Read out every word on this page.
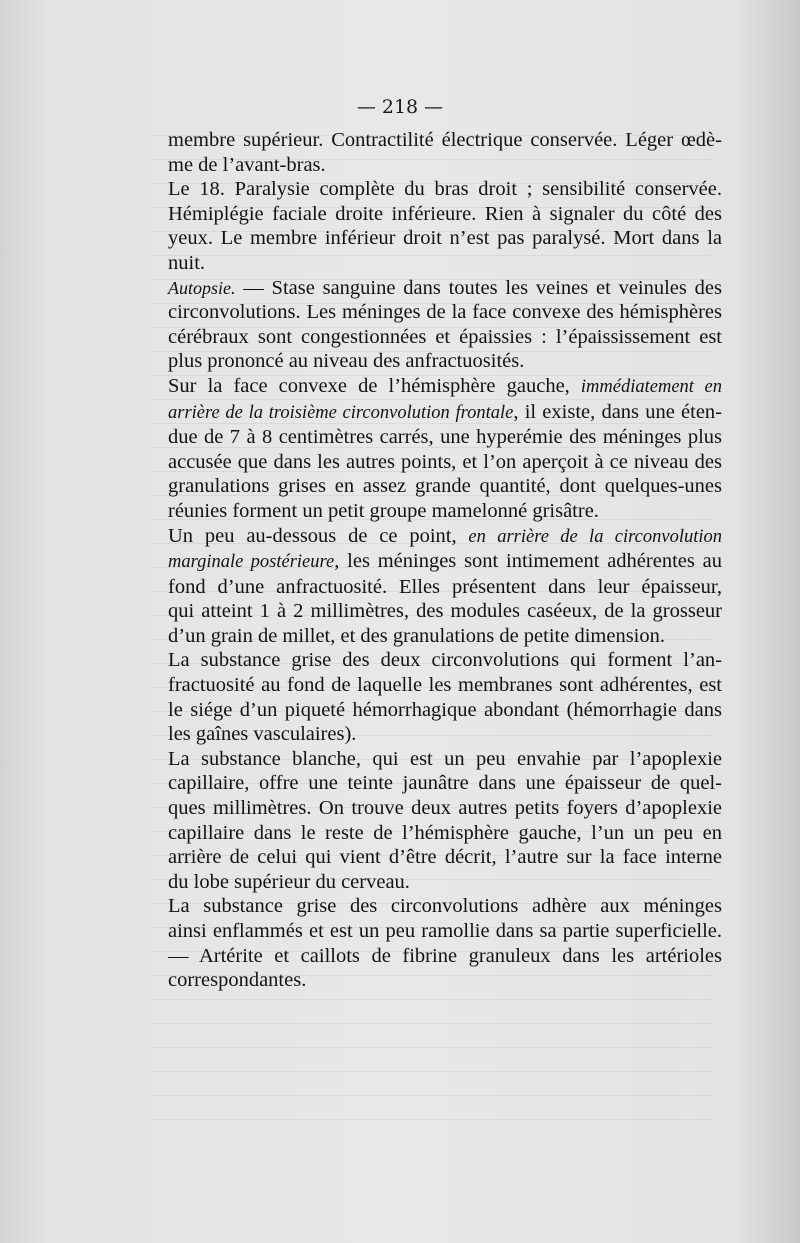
— 218 —

membre supérieur. Contractilité électrique conservée. Léger œdè-
me de l’avant-bras.

Le 18. Paralysie complète du bras droit ; sensibilité conservée.
Hémiplégie faciale droite inférieure. Rien à signaler du côté des
yeux. Le membre inférieur droit n’est pas paralysé. Mort dans la
nuit.

Autopsie. — Stase sanguine dans toutes les veines et veinules des
circonvolutions. Les méninges de la face convexe des hémisphères
cérébraux sont congestionnées et épaissies : l’épaississement est
plus prononcé au niveau des anfractuosités.

Sur la face convexe de l’hémisphère gauche, immédiatement en
arrière de la troisième circonvolution frontale, il existe, dans une éten-
due de 7 à 8 centimètres carrés, une hyperémie des méninges plus
accusée que dans les autres points, et l’on aperçoit à ce niveau des
granulations grises en assez grande quantité, dont quelques-unes
réunies forment un petit groupe mamelonné grisâtre.

Un peu au-dessous de ce point, en arrière de la circonvolution
marginale postérieure, les méninges sont intimement adhérentes au
fond d’une anfractuosité. Elles présentent dans leur épaisseur,
qui atteint 1 à 2 millimètres, des modules caséeux, de la grosseur
d’un grain de millet, et des granulations de petite dimension.

La substance grise des deux circonvolutions qui forment l’an-
fractuosité au fond de laquelle les membranes sont adhérentes, est
le siége d’un piqueté hémorrhagique abondant (hémorrhagie dans
les gaînes vasculaires).

La substance blanche, qui est un peu envahie par l’apoplexie
capillaire, offre une teinte jaunâtre dans une épaisseur de quel-
ques millimètres. On trouve deux autres petits foyers d’apoplexie
capillaire dans le reste de l’hémisphère gauche, l’un un peu en
arrière de celui qui vient d’être décrit, l’autre sur la face interne
du lobe supérieur du cerveau.

La substance grise des circonvolutions adhère aux méninges
ainsi enflammés et est un peu ramollie dans sa partie superficielle.
— Artérite et caillots de fibrine granuleux dans les artérioles
correspondantes.
